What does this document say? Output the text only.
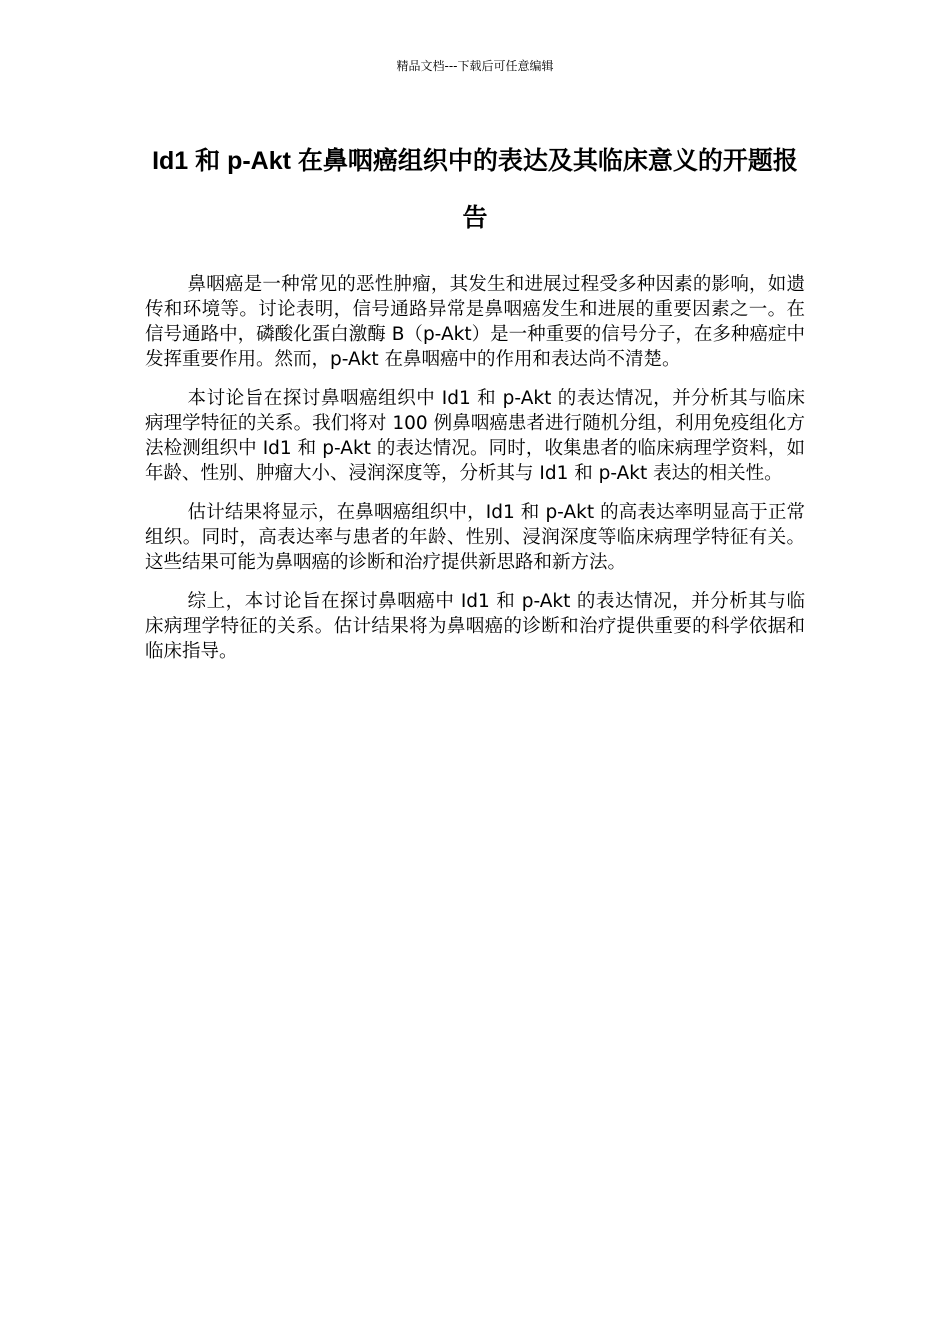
精品文档---下载后可任意编辑
Id1 和 p-Akt 在鼻咽癌组织中的表达及其临床意义的开题报告

鼻咽癌是一种常见的恶性肿瘤，其发生和进展过程受多种因素的影响，如遗传和环境等。讨论表明，信号通路异常是鼻咽癌发生和进展的重要因素之一。在信号通路中，磷酸化蛋白激酶 B（p-Akt）是一种重要的信号分子，在多种癌症中发挥重要作用。然而，p-Akt 在鼻咽癌中的作用和表达尚不清楚。

本讨论旨在探讨鼻咽癌组织中 Id1 和 p-Akt 的表达情况，并分析其与临床病理学特征的关系。我们将对 100 例鼻咽癌患者进行随机分组，利用免疫组化方法检测组织中 Id1 和 p-Akt 的表达情况。同时，收集患者的临床病理学资料，如年龄、性别、肿瘤大小、浸润深度等，分析其与 Id1 和 p-Akt 表达的相关性。

估计结果将显示，在鼻咽癌组织中，Id1 和 p-Akt 的高表达率明显高于正常组织。同时，高表达率与患者的年龄、性别、浸润深度等临床病理学特征有关。这些结果可能为鼻咽癌的诊断和治疗提供新思路和新方法。

综上，本讨论旨在探讨鼻咽癌中 Id1 和 p-Akt 的表达情况，并分析其与临床病理学特征的关系。估计结果将为鼻咽癌的诊断和治疗提供重要的科学依据和临床指导。
